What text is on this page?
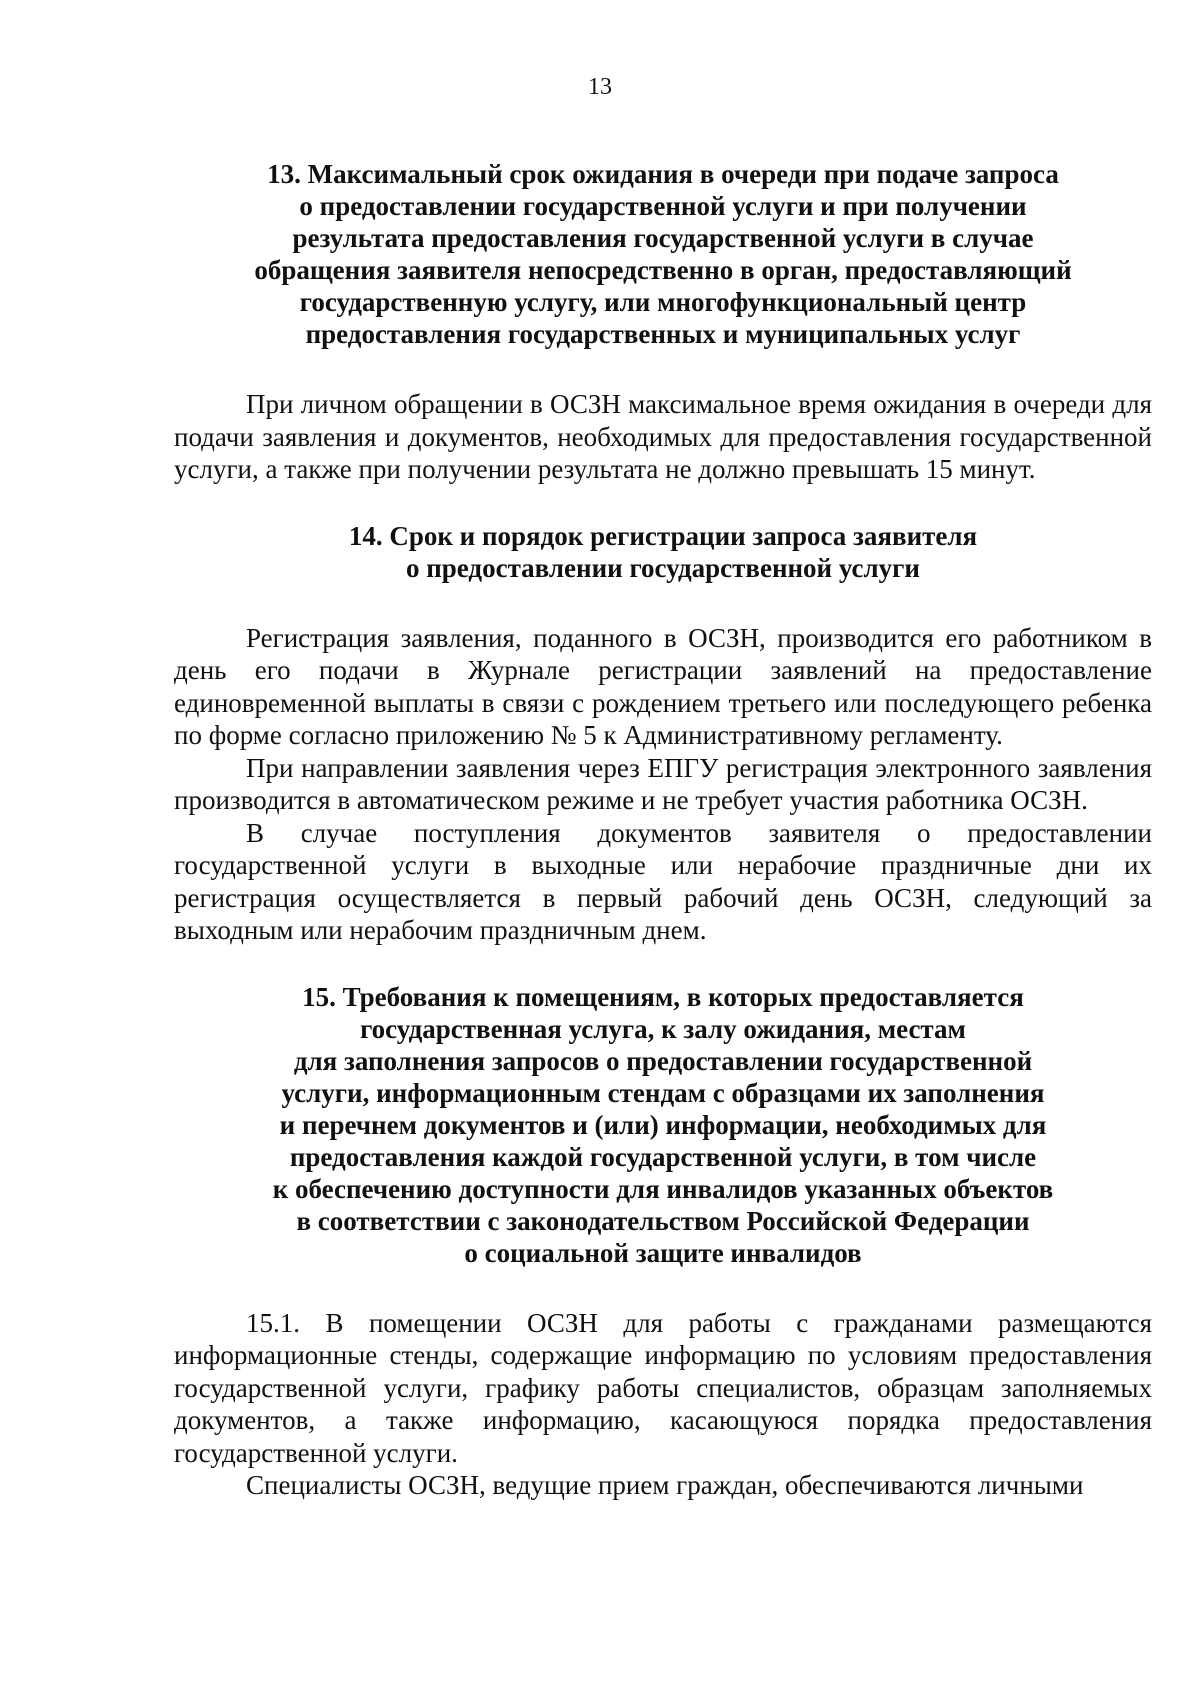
13
13. Максимальный срок ожидания в очереди при подаче запроса
о предоставлении государственной услуги и при получении
результата предоставления государственной услуги в случае
обращения заявителя непосредственно в орган, предоставляющий
государственную услугу, или многофункциональный центр
предоставления государственных и муниципальных услуг

При личном обращении в ОСЗН максимальное время ожидания в очереди для подачи заявления и документов, необходимых для предоставления государственной услуги, а также при получении результата не должно превышать 15 минут.

14. Срок и порядок регистрации запроса заявителя
о предоставлении государственной услуги

Регистрация заявления, поданного в ОСЗН, производится его работником в день его подачи в Журнале регистрации заявлений на предоставление единовременной выплаты в связи с рождением третьего или последующего ребенка по форме согласно приложению № 5 к Административному регламенту.

При направлении заявления через ЕПГУ регистрация электронного заявления производится в автоматическом режиме и не требует участия работника ОСЗН.

В случае поступления документов заявителя о предоставлении государственной услуги в выходные или нерабочие праздничные дни их регистрация осуществляется в первый рабочий день ОСЗН, следующий за выходным или нерабочим праздничным днем.

15. Требования к помещениям, в которых предоставляется
государственная услуга, к залу ожидания, местам
для заполнения запросов о предоставлении государственной
услуги, информационным стендам с образцами их заполнения
и перечнем документов и (или) информации, необходимых для
предоставления каждой государственной услуги, в том числе
к обеспечению доступности для инвалидов указанных объектов
в соответствии с законодательством Российской Федерации
о социальной защите инвалидов

15.1. В помещении ОСЗН для работы с гражданами размещаются информационные стенды, содержащие информацию по условиям предоставления государственной услуги, графику работы специалистов, образцам заполняемых документов, а также информацию, касающуюся порядка предоставления государственной услуги.

Специалисты ОСЗН, ведущие прием граждан, обеспечиваются личными
